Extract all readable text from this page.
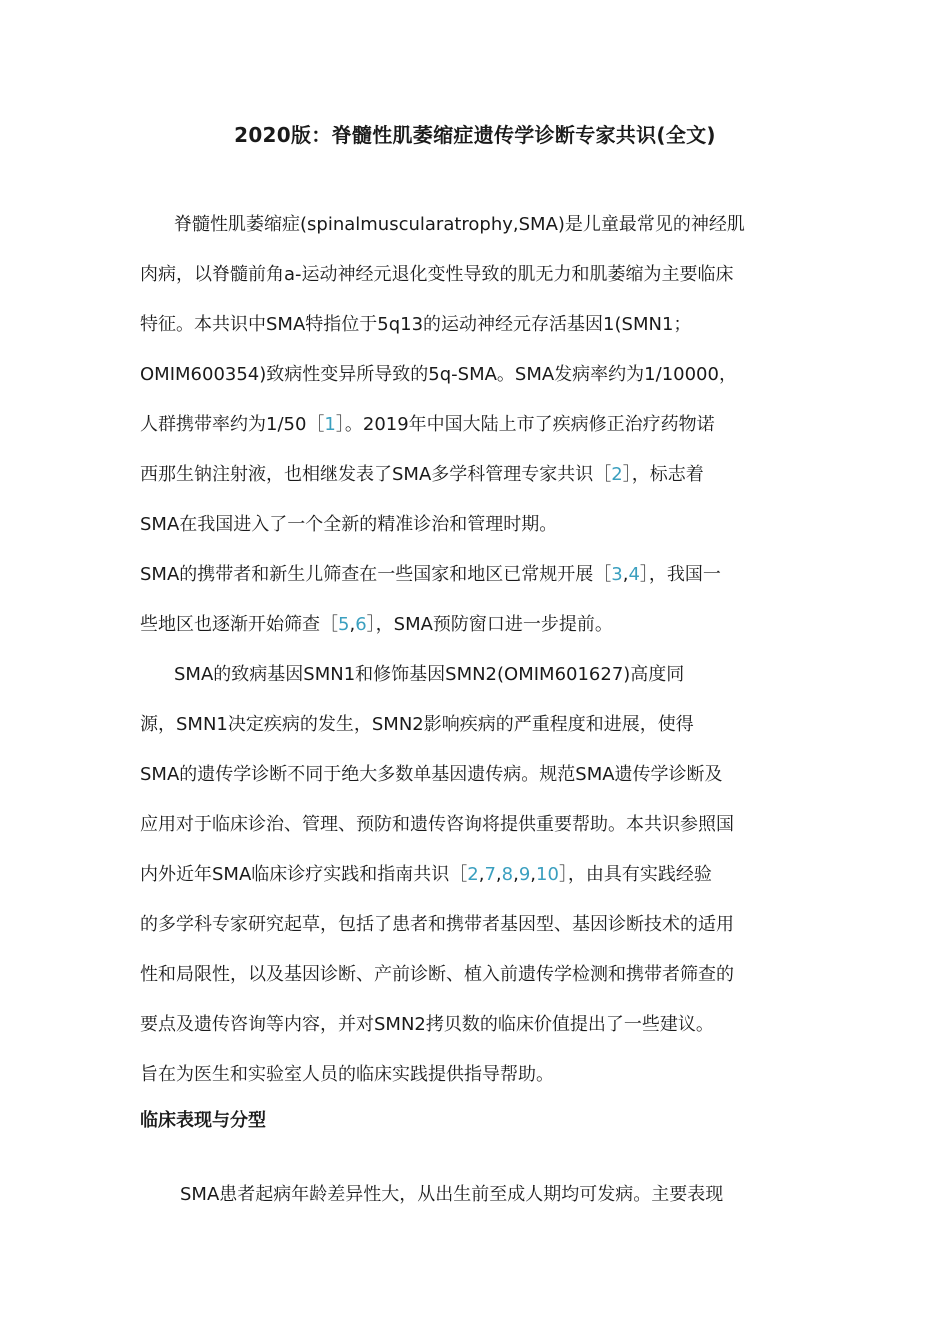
2020版：脊髓性肌萎缩症遗传学诊断专家共识(全文)
脊髓性肌萎缩症(spinalmuscularatrophy,SMA)是儿童最常见的神经肌
肉病，以脊髓前角a-运动神经元退化变性导致的肌无力和肌萎缩为主要临床
特征。本共识中SMA特指位于5q13的运动神经元存活基因1(SMN1；
OMIM600354)致病性变异所导致的5q-SMA。SMA发病率约为1/10000，
人群携带率约为1/50［1］。2019年中国大陆上市了疾病修正治疗药物诺
西那生钠注射液，也相继发表了SMA多学科管理专家共识［2］，标志着
SMA在我国进入了一个全新的精准诊治和管理时期。
SMA的携带者和新生儿筛查在一些国家和地区已常规开展［3,4］，我国一
些地区也逐渐开始筛查［5,6］，SMA预防窗口进一步提前。
SMA的致病基因SMN1和修饰基因SMN2(OMIM601627)高度同
源，SMN1决定疾病的发生，SMN2影响疾病的严重程度和进展，使得
SMA的遗传学诊断不同于绝大多数单基因遗传病。规范SMA遗传学诊断及
应用对于临床诊治、管理、预防和遗传咨询将提供重要帮助。本共识参照国
内外近年SMA临床诊疗实践和指南共识［2,7,8,9,10］，由具有实践经验
的多学科专家研究起草，包括了患者和携带者基因型、基因诊断技术的适用
性和局限性，以及基因诊断、产前诊断、植入前遗传学检测和携带者筛查的
要点及遗传咨询等内容，并对SMN2拷贝数的临床价值提出了一些建议。
旨在为医生和实验室人员的临床实践提供指导帮助。
临床表现与分型
SMA患者起病年龄差异性大，从出生前至成人期均可发病。主要表现
